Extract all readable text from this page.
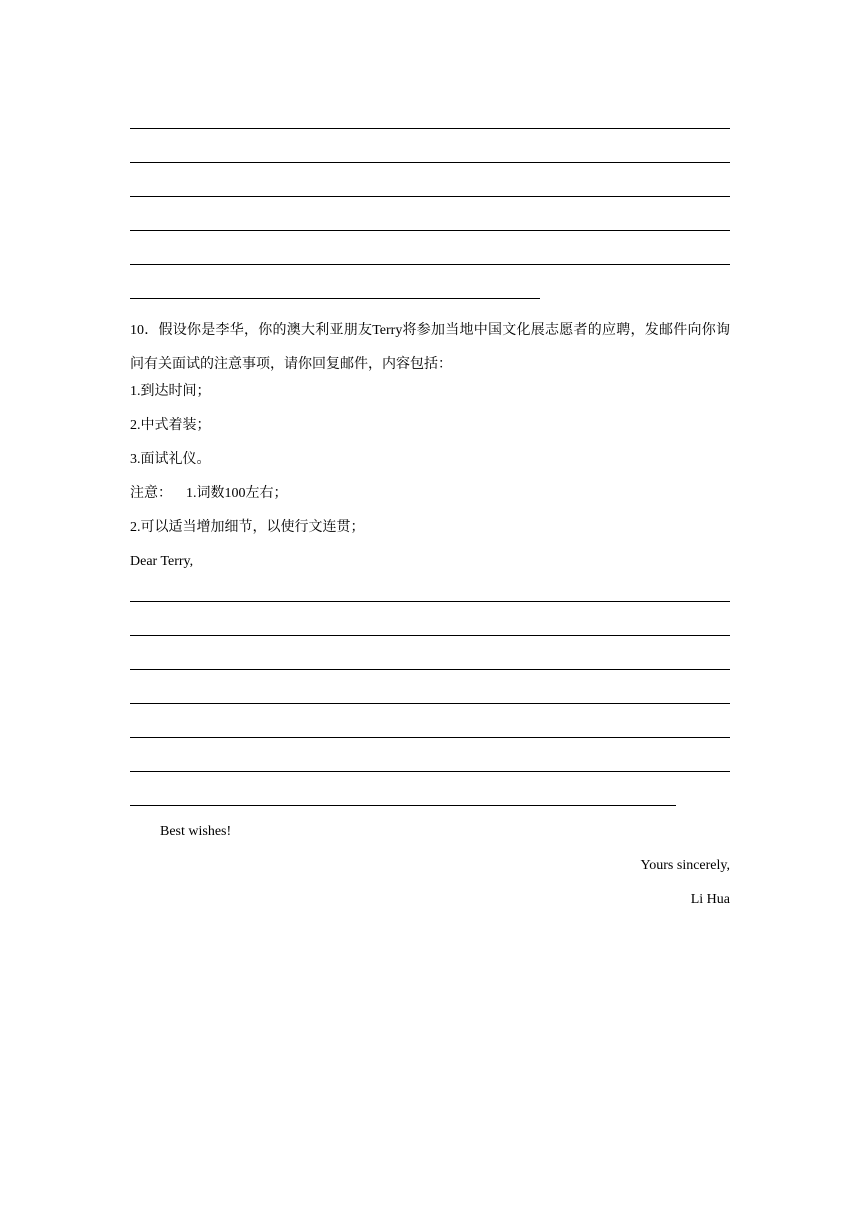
10．假设你是李华，你的澳大利亚朋友Terry将参加当地中国文化展志愿者的应聘，发邮件向你询问有关面试的注意事项，请你回复邮件，内容包括：
1.到达时间；
2.中式着装；
3.面试礼仪。
注意： 1.词数100左右；
2.可以适当增加细节，以使行文连贯；
Dear Terry,
Best wishes!
Yours sincerely,
Li Hua
